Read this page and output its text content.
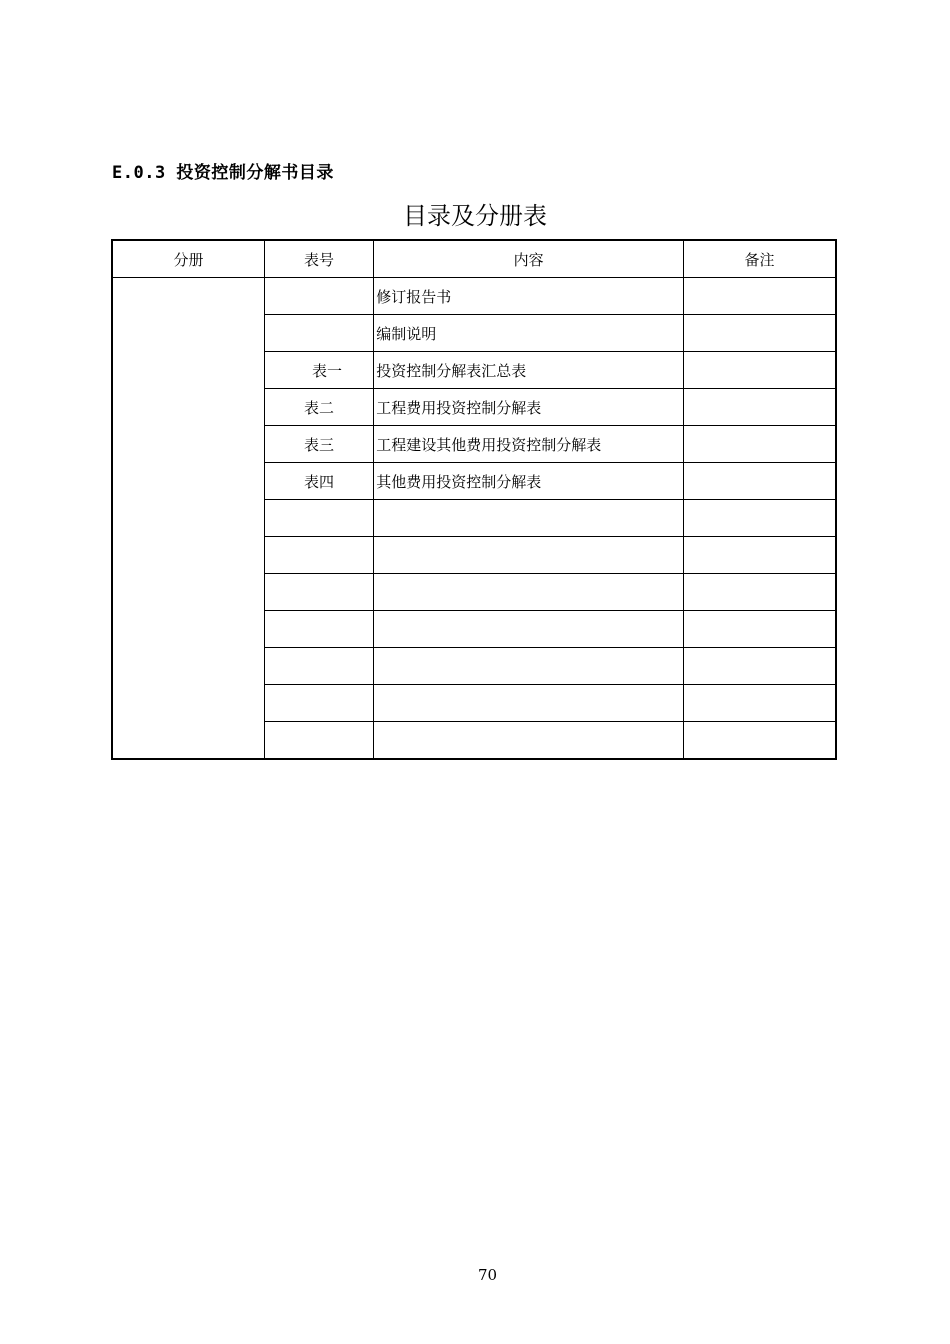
E.0.3 投资控制分解书目录
目录及分册表
分册	表号	内容	备注
		修订报告书	
		编制说明	
	表一	投资控制分解表汇总表	
	表二	工程费用投资控制分解表	
	表三	工程建设其他费用投资控制分解表	
	表四	其他费用投资控制分解表	

70
